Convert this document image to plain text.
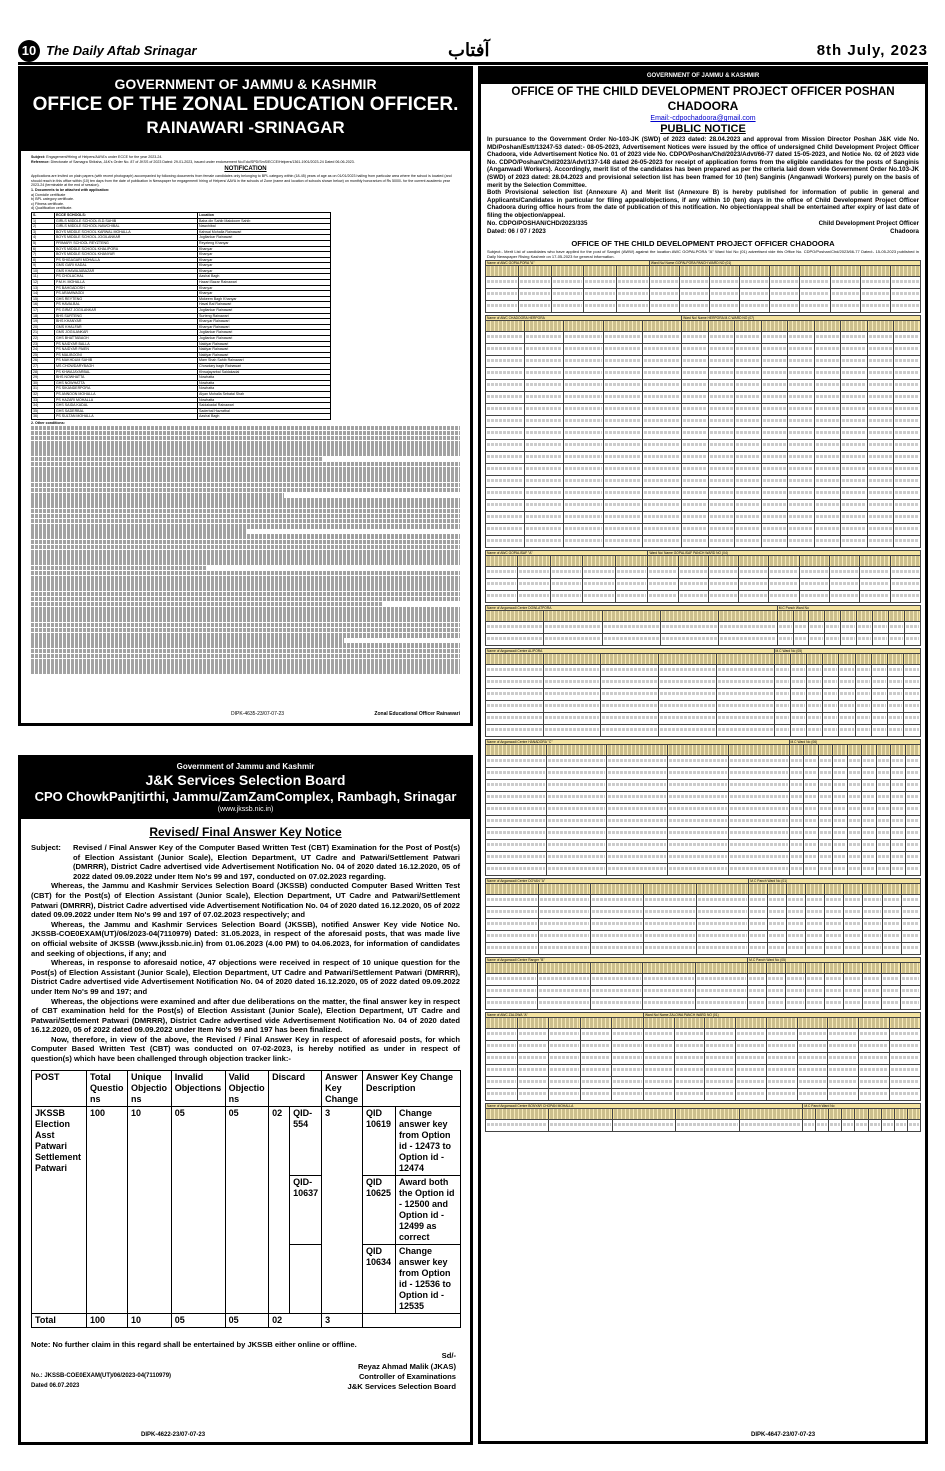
10 The Daily Aftab Srinagar	آفتاب	8th July, 2023
GOVERNMENT OF JAMMU & KASHMIR
OFFICE OF THE ZONAL EDUCATION OFFICER.
RAINAWARI -SRINAGAR
Subject: Engagement/Hiring of Helpers/AAYA's under ECCE for the year 2023-24.
Reference: Directorate of Samagra Shiksha, J&K's Order No. 87 of JKSS of 2023 Dated: 29-01-2023, issued under endorsement No.Edu/SPD/SmS/ECCE/Helpers/1361-1901/2023-24 Dated 06-06-2023.
NOTIFICATION
Applications are invited on plain papers (with recent photograph) accompanied by following documents from female candidates only belonging to BPL category within (18-45) years of age as on 01/01/2023 hailing from particular area where the school is located (and should reach in this office within (10) ten days from the date of publication in Newspaper for engagement/ hiring of Helpers/ AAYA in the schools of Zone (name and location of schools shown below) on monthly honorarium of Rs 5000/- for the current academic year 2023-24 (terminable at the end of session).
1. Documents to be attached with application:
a) Domicile certificate
b) BPL category certificate.
c) Fitness certificate.
d) Qualification certificate.
S.	ECCE SCHOOLS:	Location
1)	GIRLS MIDDLE SCHOOL B.D.SAHIB	Baba din Sahib Makdoom Sahib
2)	GIRLS MIDDLE SCHOOL NAWCHIBAL	Nawchibal
3)	BOYS MIDDLE SCHOOL KARWAL MOHALLA	Kahwal Mohalla Rainawari
4)	BOYS MIDDLE SCHOOL JOGILANKAR	Jogilankar Rainawari
5)	PRIMARY SCHOOL REYZTENG	Reyzteng Khanyar
6)	BOYS MIDDLE SCHOOL KHALIPORA	Khanyar
7)	BOYS MIDDLE SCHOOL KHANYAR	Khanyar
8)	PS SHIGAGARI MOHALLA	Khanyar
9)	GMS GARI KADAL	Khanyar
10)	GMS KHAWAJABAZAR	Khanyar
11)	PS CHOLACHAL	Aashai Bagh
12)	P.M.H. MOHALLA	Hazari Bazar Rainawari
13)	PS BAHGADOSH	Khanyar
14)	PS ARAMWAGDI	Khanyar
15)	GHS REYTENG	Mokeem Bagh Khanyar
16)	PS HAVALBAL	Haval Bal Rainawari
17)	PS GIRAT JOGILANKAR	Jogilankar Rainawari
18)	BHS SURTENG	Surteng Rainawari
19)	BHS KHANYAR	Khanyar Rainawari
20)	GMS KHALFAR	Khanyar Rainawari
21)	GMS JOGILANKAR	Jogilankar Rainawari
22)	GHS BHATTABAGH	Jogilankar Rainawari
23)	PS NAIDYAR BALLA	Naidyar Rainawari
24)	PS NAIDYAR PAIEN	Naidyar Rainawari
25)	PS MALIBOONI	Naidyar Rainawari
26)	PS MAKHDUM SAHIB	Mam Shah Sahib Rainawari
27)	MS CHOWDARYBAGH	Chowdary bagh Rainawari
28)	PS KHWAJAYARBAL	Khwajayarbal Saidakadal
29)	BHS NOWHATTA	Nowhatta
30)	GHS NOWHATTA	Nowhatta
31)	PS SIKANDERPORA	Nowhatta
32)	PS ANNOON MOHALLA	Alyan Mohalla Sebatal Shah
33)	PS HAZARI MOHALLA	Nowhatta
34)	GHS SAIDA KADAL	Saidakadal Rainawari
35)	GHS SADERBAL	Saderbal Hazratbal
36)	PS SULTAN MOHALLA	Aashai Bagh
2. Other conditions:
DIPK-4635-23/07-07-23	Zonal Educational Officer Rainawari
Government of Jammu and Kashmir
J&K Services Selection Board
CPO ChowkPanjtirthi, Jammu/ZamZamComplex, Rambagh, Srinagar
(www.jkssb.nic.in)
Revised/ Final Answer Key Notice
Subject:	Revised / Final Answer Key of the Computer Based Written Test (CBT) Examination for the Post of Post(s) of Election Assistant (Junior Scale), Election Department, UT Cadre and Patwari/Settlement Patwari (DMRRR), District Cadre advertised vide Advertisement Notification No. 04 of 2020 dated 16.12.2020, 05 of 2022 dated 09.09.2022 under Item No's 99 and 197, conducted on 07.02.2023 regarding.
Whereas, the Jammu and Kashmir Services Selection Board (JKSSB) conducted Computer Based Written Test (CBT) for the Post(s) of Election Assistant (Junior Scale), Election Department, UT Cadre and Patwari/Settlement Patwari (DMRRR), District Cadre advertised vide Advertisement Notification No. 04 of 2020 dated 16.12.2020, 05 of 2022 dated 09.09.2022 under Item No's 99 and 197 of 07.02.2023 respectively; and
Whereas, the Jammu and Kashmir Services Selection Board (JKSSB), notified Answer Key vide Notice No. JKSSB-COE0EXAM(UT)/06/2023-04(7110979) Dated: 31.05.2023, in respect of the aforesaid posts, that was made live on official website of JKSSB (www.jkssb.nic.in) from 01.06.2023 (4.00 PM) to 04.06.2023, for information of candidates and seeking of objections, if any; and
Whereas, in response to aforesaid notice, 47 objections were received in respect of 10 unique question for the Post(s) of Election Assistant (Junior Scale), Election Department, UT Cadre and Patwari/Settlement Patwari (DMRRR), District Cadre advertised vide Advertisement Notification No. 04 of 2020 dated 16.12.2020, 05 of 2022 dated 09.09.2022 under Item No's 99 and 197; and
Whereas, the objections were examined and after due deliberations on the matter, the final answer key in respect of CBT examination held for the Post(s) of Election Assistant (Junior Scale), Election Department, UT Cadre and Patwari/Settlement Patwari (DMRRR), District Cadre advertised vide Advertisement Notification No. 04 of 2020 dated 16.12.2020, 05 of 2022 dated 09.09.2022 under Item No's 99 and 197 has been finalized.
Now, therefore, in view of the above, the Revised / Final Answer Key in respect of aforesaid posts, for which Computer Based Written Test (CBT) was conducted on 07-02-2023, is hereby notified as under in respect of question(s) which have been challenged through objection tracker link:-
POST	Total Questio ns	Unique Objectio ns	Invalid Objections	Valid Objectio ns	Discard		Answer Key Change	Answer Key Change Description	
JKSSB Election Asst Patwari Settlement Patwari	100	10	05	05	02	QID-554	3	QID 10619	Change answer key from Option id - 12473 to Option id - 12474
						QID-10637		QID 10625	Award both the Option id - 12500 and Option id - 12499 as correct
								QID 10634	Change answer key from Option id - 12536 to Option id - 12535
Total	100	10	05	05	02		3		
Note: No further claim in this regard shall be entertained by JKSSB either online or offline.
Sd/-
Reyaz Ahmad Malik (JKAS)
Controller of Examinations
J&K Services Selection Board
No.: JKSSB-COE0EXAM(UT)/06/2023-04(7110979)
Dated 06.07.2023
DIPK-4622-23/07-07-23
GOVERNMENT OF JAMMU & KASHMIR
OFFICE OF THE CHILD DEVELOPMENT PROJECT OFFICER POSHAN
CHADOORA
Email:-cdpochadoora@gmail.com
PUBLIC NOTICE
In pursuance to the Government Order No-103-JK (SWD) of 2023 dated: 28.04.2023 and approval from Mission Director Poshan J&K vide No. MD/Poshan/Estt/13247-53 dated:- 08-05-2023, Advertisement Notices were issued by the office of undersigned Child Development Project Officer Chadoora, vide Advertisement Notice No. 01 of 2023 vide No. CDPO/Poshan/Chd/2023/Advt/66-77 dated 15-05-2023, and Notice No. 02 of 2023 vide No. CDPO/Poshan/Chd/2023/Advt/137-148 dated 26-05-2023 for receipt of application forms from the eligible candidates for the posts of Sanginis (Anganwadi Workers). Accordingly, merit list of the candidates has been prepared as per the criteria laid down vide Government Order No.103-JK (SWD) of 2023 dated: 28.04.2023 and provisional selection list has been framed for 10 (ten) Sanginis (Anganwadi Workers) purely on the basis of merit by the Selection Committee.
Both Provisional selection list (Annexure A) and Merit list (Annexure B) is hereby published for information of public in general and Applicants/Candidates in particular for filing appeal/objections, if any within 10 (ten) days in the office of Child Development Project Officer Chadoora during office hours from the date of publication of this notification. No objection/appeal shall be entertained after expiry of last date of filing the objection/appeal.
No. CDPO/POSHAN/CHD/2023/335
Dated: 06 / 07 / 2023
Child Development Project Officer
Chadoora
OFFICE OF THE CHILD DEVELOPMENT PROJECT OFFICER CHADOORA
Subject:- Merit List of candidates who have applied for the post of Sangini (AWW) against the location AWC GOPALPORA "A" Ward No/ No (01) advertised vide this Office No. CDPO/Poshan/Chd/2023/66-77 Dated:- 15-05-2023 published in Daily Newspaper Rising Kashmir on 17-05-2023 for general information.
Name of AWC GOPALPORA "A"					Ward No/ Name GOPALPORA PANCH WARD NO (01)								

Name of AWC CHADOORA HERPORA					Ward No/ Name HERPORA M.C WARD NO (07)								

Name of AWC GOPALISAF "A"					Ward No/ Name GOPALISAF PANCH WARD NO (04)								

Name of Anganwadi Centre DOWLATPORA					M.C Panch Ward No								

Name of Anganwadi Centre ALIPORA					M.C Ward No (05)								

Name of Anganwadi Centre HANADORA "C"					M.C Ward No (06)								

Name of Anganwadi Centre DOYAN "A"					M.C Panch Ward No (01)								

Name of Anganwadi Centre Ranger "B"					M.C Panch Ward No (05)								

Name of AWC ZALOWA "A"					Ward No/ Name ZALOWA PANCH WARD NO (01)								

Name of Anganwadi Centre BONYAR CHOPAN MOHALLA					M.C Panch Ward No								

DIPK-4647-23/07-07-23
